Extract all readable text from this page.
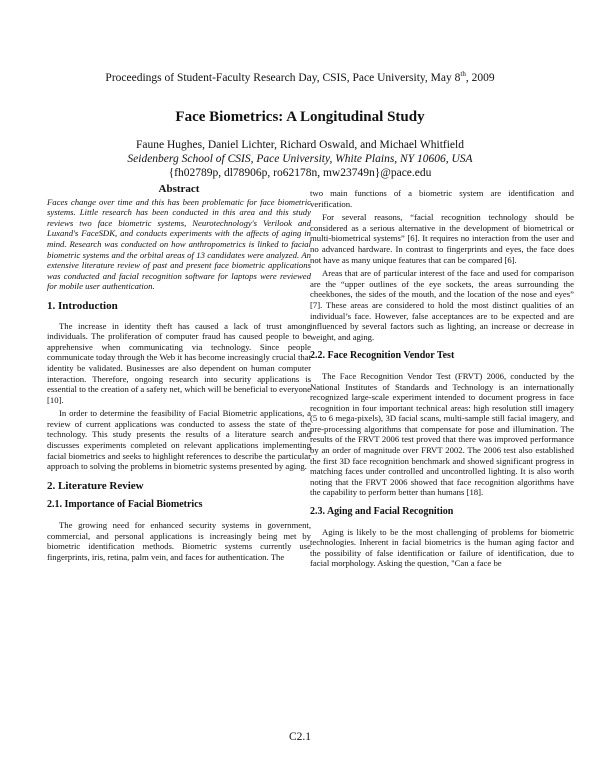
Proceedings of Student-Faculty Research Day, CSIS, Pace University, May 8th, 2009
Face Biometrics: A Longitudinal Study
Faune Hughes, Daniel Lichter, Richard Oswald, and Michael Whitfield
Seidenberg School of CSIS, Pace University, White Plains, NY 10606, USA
{fh02789p, dl78906p, ro62178n, mw23749n}@pace.edu
Abstract

Faces change over time and this has been problematic for face biometric systems. Little research has been conducted in this area and this study reviews two face biometric systems, Neurotechnology's Verilook and Luxand's FaceSDK, and conducts experiments with the affects of aging in mind. Research was conducted on how anthropometrics is linked to facial biometric systems and the orbital areas of 13 candidates were analyzed. An extensive literature review of past and present face biometric applications was conducted and facial recognition software for laptops were reviewed for mobile user authentication.

1. Introduction

The increase in identity theft has caused a lack of trust among individuals. The proliferation of computer fraud has caused people to be apprehensive when communicating via technology. Since people communicate today through the Web it has become increasingly crucial that identity be validated. Businesses are also dependent on human computer interaction. Therefore, ongoing research into security applications is essential to the creation of a safety net, which will be beneficial to everyone [10].

In order to determine the feasibility of Facial Biometric applications, a review of current applications was conducted to assess the state of the technology. This study presents the results of a literature search and discusses experiments completed on relevant applications implementing facial biometrics and seeks to highlight references to describe the particular approach to solving the problems in biometric systems presented by aging.

2. Literature Review
2.1. Importance of Facial Biometrics

The growing need for enhanced security systems in government, commercial, and personal applications is increasingly being met by biometric identification methods. Biometric systems currently use fingerprints, iris, retina, palm vein, and faces for authentication. The

two main functions of a biometric system are identification and verification.

For several reasons, “facial recognition technology should be considered as a serious alternative in the development of biometrical or multi-biometrical systems” [6]. It requires no interaction from the user and no advanced hardware. In contrast to fingerprints and eyes, the face does not have as many unique features that can be compared [6].

Areas that are of particular interest of the face and used for comparison are the “upper outlines of the eye sockets, the areas surrounding the cheekbones, the sides of the mouth, and the location of the nose and eyes” [7]. These areas are considered to hold the most distinct qualities of an individual’s face. However, false acceptances are to be expected and are influenced by several factors such as lighting, an increase or decrease in weight, and aging.

2.2. Face Recognition Vendor Test

The Face Recognition Vendor Test (FRVT) 2006, conducted by the National Institutes of Standards and Technology is an internationally recognized large-scale experiment intended to document progress in face recognition in four important technical areas: high resolution still imagery (5 to 6 mega-pixels), 3D facial scans, multi-sample still facial imagery, and pre-processing algorithms that compensate for pose and illumination. The results of the FRVT 2006 test proved that there was improved performance by an order of magnitude over FRVT 2002. The 2006 test also established the first 3D face recognition benchmark and showed significant progress in matching faces under controlled and uncontrolled lighting. It is also worth noting that the FRVT 2006 showed that face recognition algorithms have the capability to perform better than humans [18].

2.3. Aging and Facial Recognition

Aging is likely to be the most challenging of problems for biometric technologies. Inherent in facial biometrics is the human aging factor and the possibility of false identification or failure of identification, due to facial morphology. Asking the question, "Can a face be

C2.1
